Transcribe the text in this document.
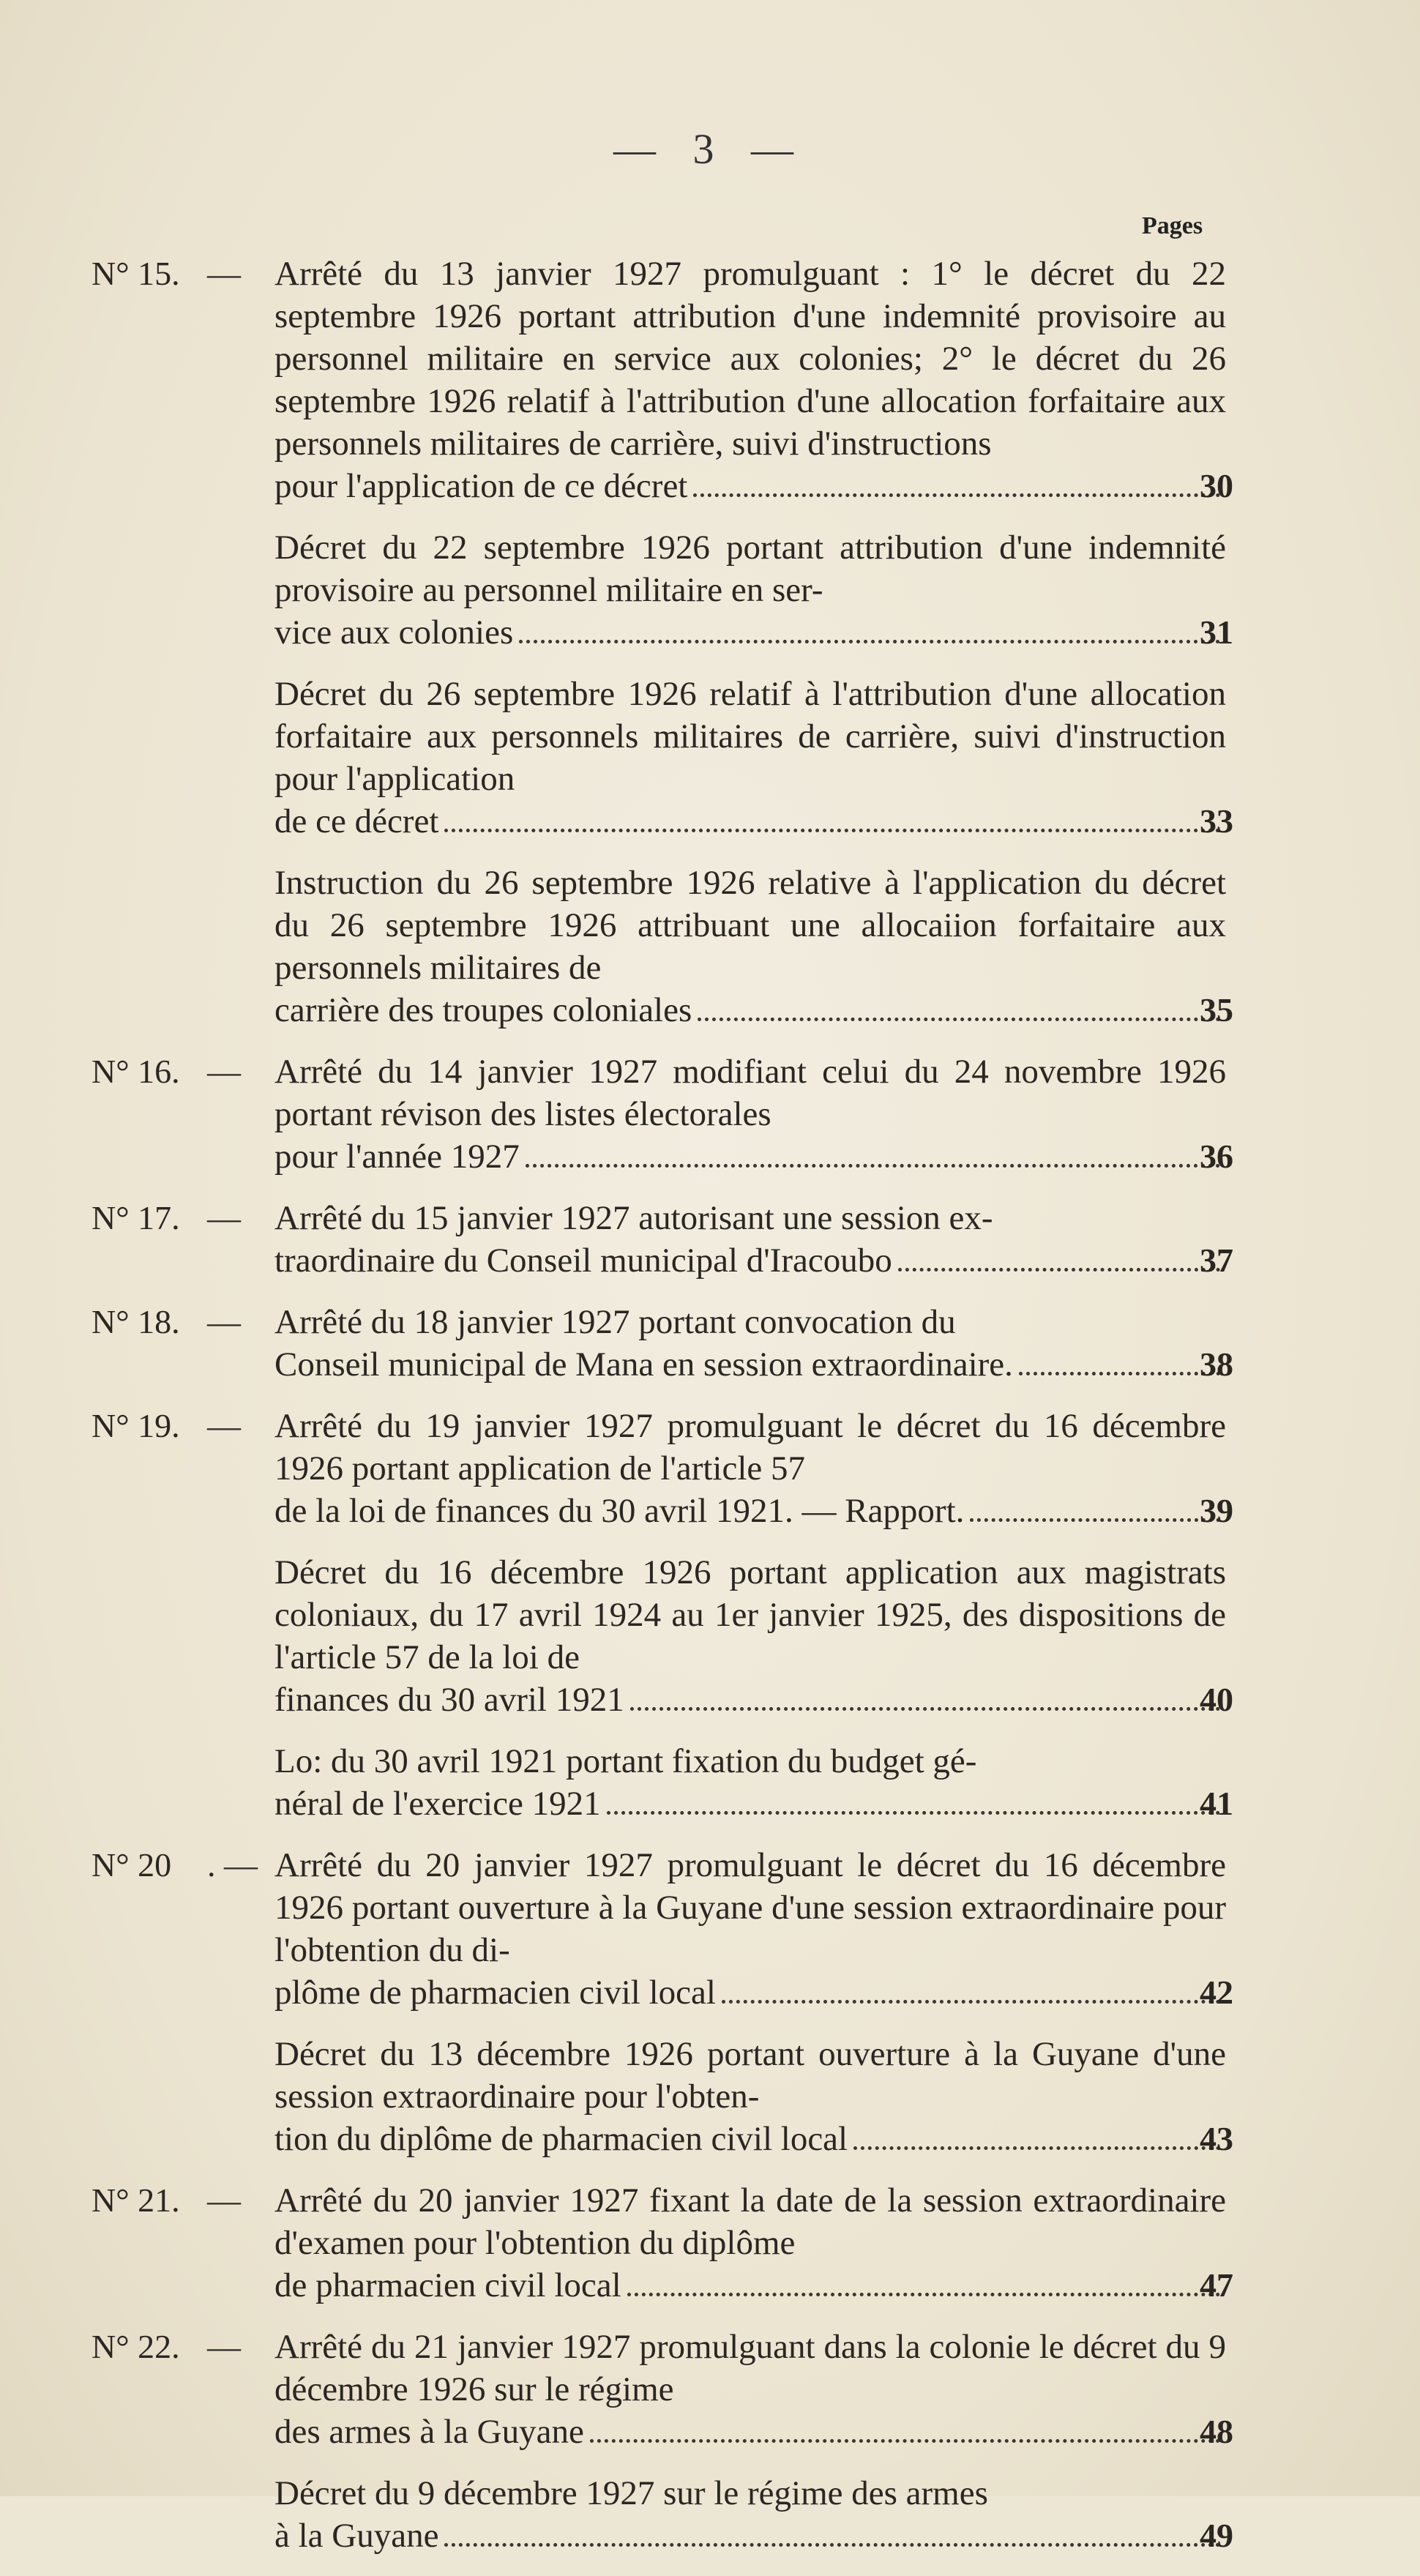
— 3 —
Pages
N° 15. — Arrêté du 13 janvier 1927 promulguant : 1° le décret du 22 septembre 1926 portant attribution d'une indemnité provisoire au personnel militaire en service aux colonies; 2° le décret du 26 septembre 1926 relatif à l'attribution d'une allocation forfaitaire aux personnels militaires de carrière, suivi d'instructions
pour l'application de ce décret	30
Décret du 22 septembre 1926 portant attribution d'une indemnité provisoire au personnel militaire en ser-
vice aux colonies	31
Décret du 26 septembre 1926 relatif à l'attribution d'une allocation forfaitaire aux personnels militaires de carrière, suivi d'instruction pour l'application
de ce décret	33
Instruction du 26 septembre 1926 relative à l'application du décret du 26 septembre 1926 attribuant une allocaiion forfaitaire aux personnels militaires de
carrière des troupes coloniales	35
N° 16. — Arrêté du 14 janvier 1927 modifiant celui du 24 novembre 1926 portant révison des listes électorales
pour l'année 1927	36
N° 17. — Arrêté du 15 janvier 1927 autorisant une session ex-
traordinaire du Conseil municipal d'Iracoubo	37
N° 18. — Arrêté du 18 janvier 1927 portant convocation du
Conseil municipal de Mana en session extraordinaire.	38
N° 19. — Arrêté du 19 janvier 1927 promulguant le décret du 16 décembre 1926 portant application de l'article 57
de la loi de finances du 30 avril 1921. — Rapport.	39
Décret du 16 décembre 1926 portant application aux magistrats coloniaux, du 17 avril 1924 au 1er janvier 1925, des dispositions de l'article 57 de la loi de
finances du 30 avril 1921	40
Lo: du 30 avril 1921 portant fixation du budget gé-
néral de l'exercice 1921	41
N° 20	. — Arrêté du 20 janvier 1927 promulguant le décret du 16 décembre 1926 portant ouverture à la Guyane d'une session extraordinaire pour l'obtention du di-
plôme de pharmacien civil local	42
Décret du 13 décembre 1926 portant ouverture à la Guyane d'une session extraordinaire pour l'obten-
tion du diplôme de pharmacien civil local	43
N° 21. — Arrêté du 20 janvier 1927 fixant la date de la session extraordinaire d'examen pour l'obtention du diplôme
de pharmacien civil local	47
N° 22. — Arrêté du 21 janvier 1927 promulguant dans la colonie le décret du 9 décembre 1926 sur le régime
des armes à la Guyane	48
Décret du 9 décembre 1927 sur le régime des armes
à la Guyane	49
